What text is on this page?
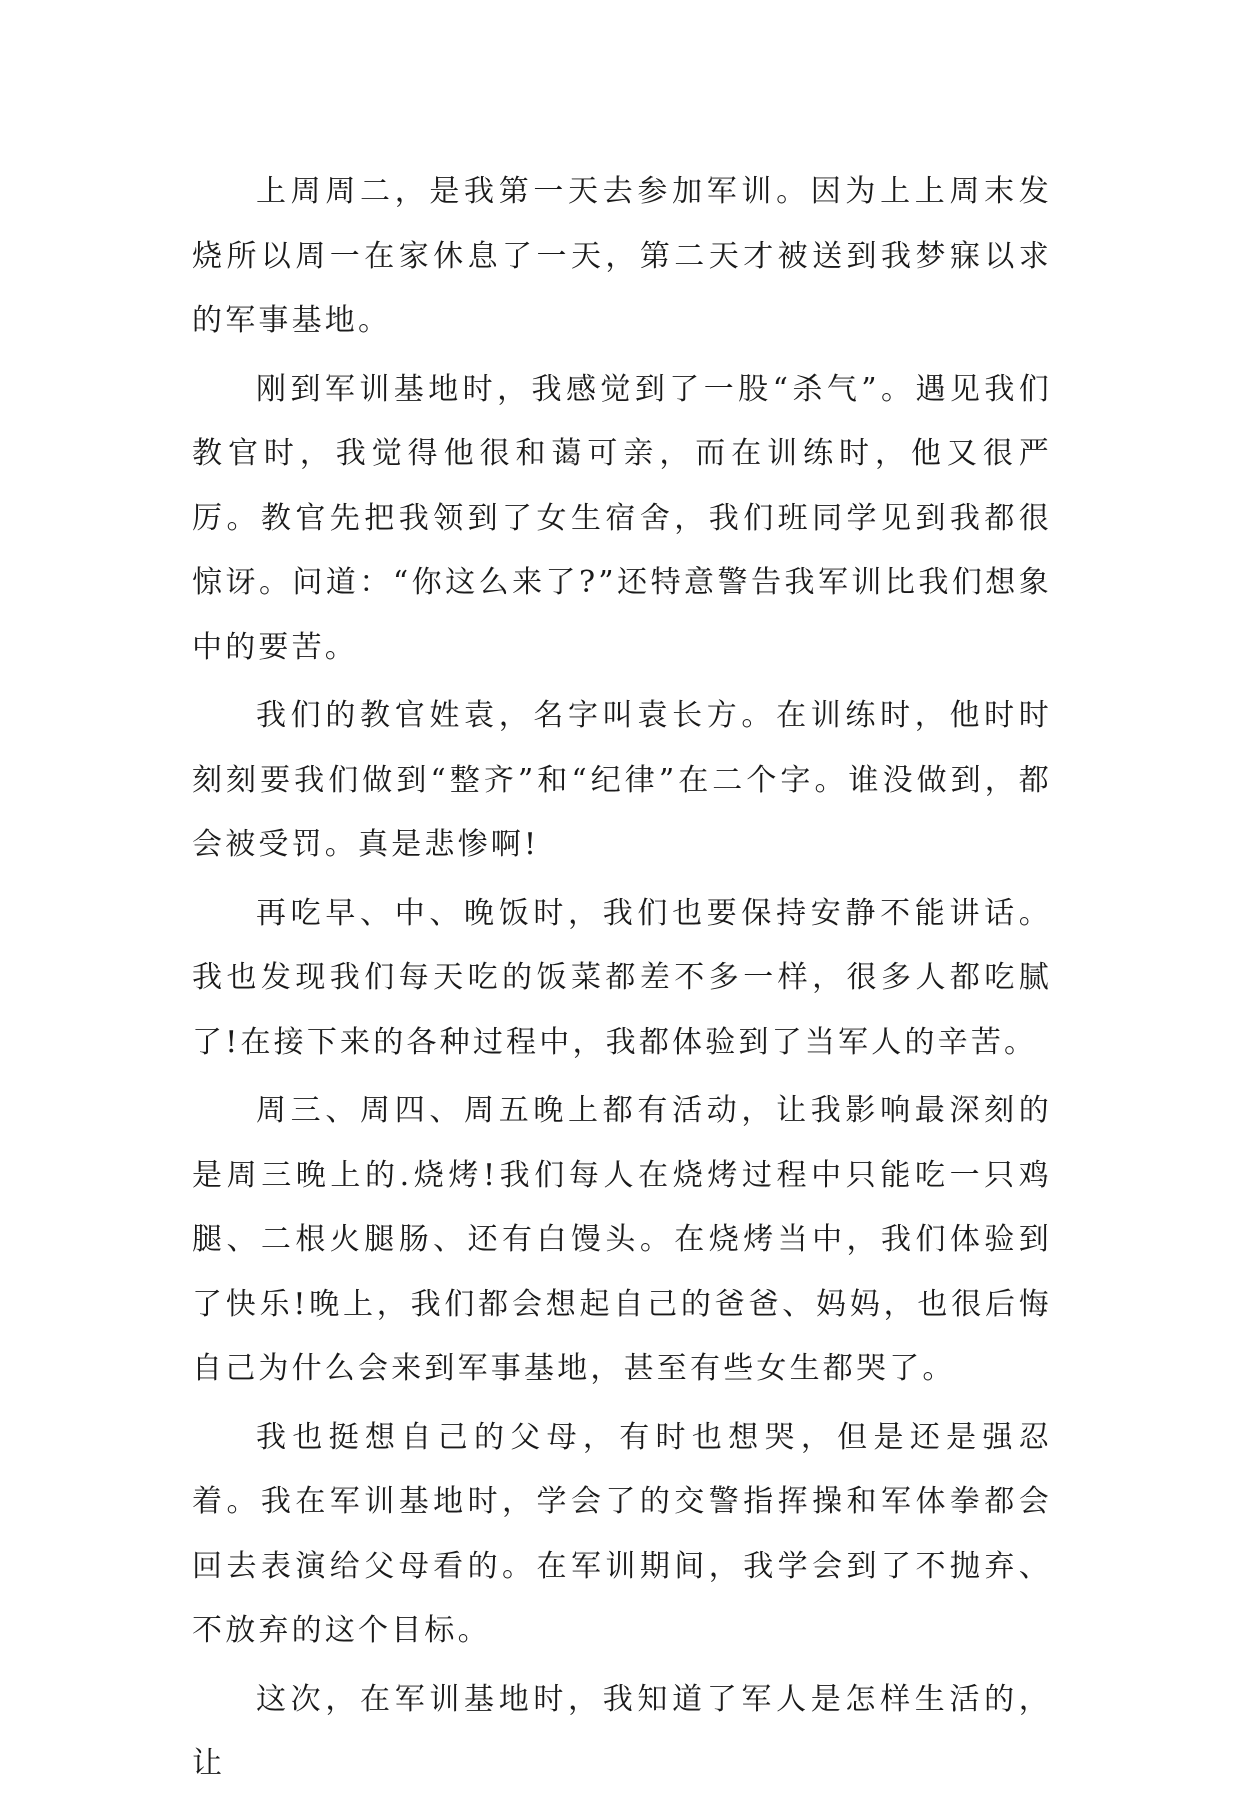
上周周二，是我第一天去参加军训。因为上上周末发烧所以周一在家休息了一天，第二天才被送到我梦寐以求的军事基地。

刚到军训基地时，我感觉到了一股“杀气”。遇见我们教官时，我觉得他很和蔼可亲，而在训练时，他又很严厉。教官先把我领到了女生宿舍，我们班同学见到我都很惊讶。问道：“你这么来了?”还特意警告我军训比我们想象中的要苦。

我们的教官姓袁，名字叫袁长方。在训练时，他时时刻刻要我们做到“整齐”和“纪律”在二个字。谁没做到，都会被受罚。真是悲惨啊!

再吃早、中、晚饭时，我们也要保持安静不能讲话。我也发现我们每天吃的饭菜都差不多一样，很多人都吃腻了!在接下来的各种过程中，我都体验到了当军人的辛苦。

周三、周四、周五晚上都有活动，让我影响最深刻的是周三晚上的.烧烤!我们每人在烧烤过程中只能吃一只鸡腿、二根火腿肠、还有白馒头。在烧烤当中，我们体验到了快乐!晚上，我们都会想起自己的爸爸、妈妈，也很后悔自己为什么会来到军事基地，甚至有些女生都哭了。

我也挺想自己的父母，有时也想哭，但是还是强忍着。我在军训基地时，学会了的交警指挥操和军体拳都会回去表演给父母看的。在军训期间，我学会到了不抛弃、不放弃的这个目标。

这次，在军训基地时，我知道了军人是怎样生活的，让
